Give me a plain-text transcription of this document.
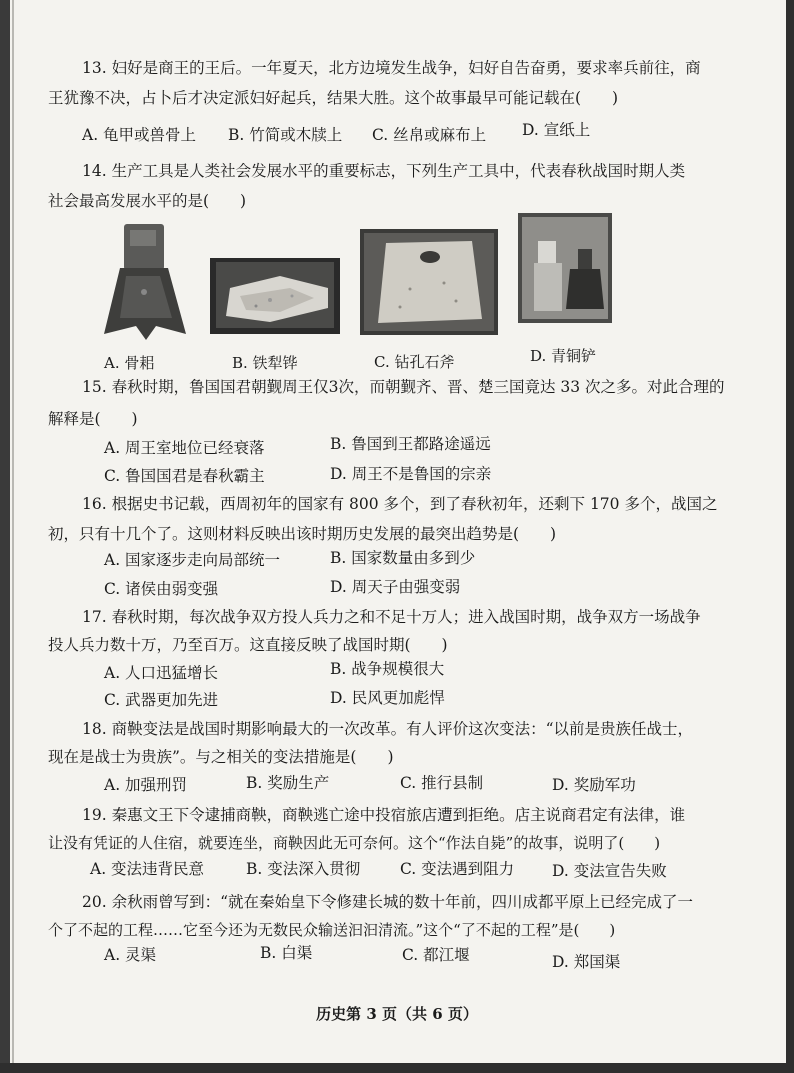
13. 妇好是商王的王后。一年夏天，北方边境发生战争，妇好自告奋勇，要求率兵前往，商
王犹豫不决，占卜后才决定派妇好起兵，结果大胜。这个故事最早可能记载在(　　)
A. 龟甲或兽骨上 B. 竹简或木牍上 C. 丝帛或麻布上 D. 宣纸上
14. 生产工具是人类社会发展水平的重要标志，下列生产工具中，代表春秋战国时期人类
社会最高发展水平的是(　　)
A. 骨耜	B. 铁犁铧	C. 钻孔石斧	D. 青铜铲
15. 春秋时期，鲁国国君朝觐周王仅3次，而朝觐齐、晋、楚三国竟达 33 次之多。对此合理的
解释是(　　)
A. 周王室地位已经衰落	B. 鲁国到王都路途遥远
C. 鲁国国君是春秋霸主	D. 周王不是鲁国的宗亲
16. 根据史书记载，西周初年的国家有 800 多个，到了春秋初年，还剩下 170 多个，战国之
初，只有十几个了。这则材料反映出该时期历史发展的最突出趋势是(　　)
A. 国家逐步走向局部统一	B. 国家数量由多到少
C. 诸侯由弱变强	D. 周天子由强变弱
17. 春秋时期，每次战争双方投人兵力之和不足十万人；进入战国时期，战争双方一场战争
投人兵力数十万，乃至百万。这直接反映了战国时期(　　)
A. 人口迅猛增长	B. 战争规模很大
C. 武器更加先进	D. 民风更加彪悍
18. 商鞅变法是战国时期影响最大的一次改革。有人评价这次变法：“以前是贵族任战士，
现在是战士为贵族”。与之相关的变法措施是(　　)
A. 加强刑罚	B. 奖励生产	C. 推行县制	D. 奖励军功
19. 秦惠文王下令逮捕商鞅，商鞅逃亡途中投宿旅店遭到拒绝。店主说商君定有法律，谁
让没有凭证的人住宿，就要连坐，商鞅因此无可奈何。这个“作法自毙”的故事，说明了(　　)
A. 变法违背民意	B. 变法深入贯彻	C. 变法遇到阻力 D. 变法宣告失败
20. 余秋雨曾写到：“就在秦始皇下令修建长城的数十年前，四川成都平原上已经完成了一
个了不起的工程……它至今还为无数民众输送汩汩清流。”这个“了不起的工程”是(　　)
A. 灵渠	B. 白渠	C. 都江堰	D. 郑国渠
历史第 3 页（共 6 页）
